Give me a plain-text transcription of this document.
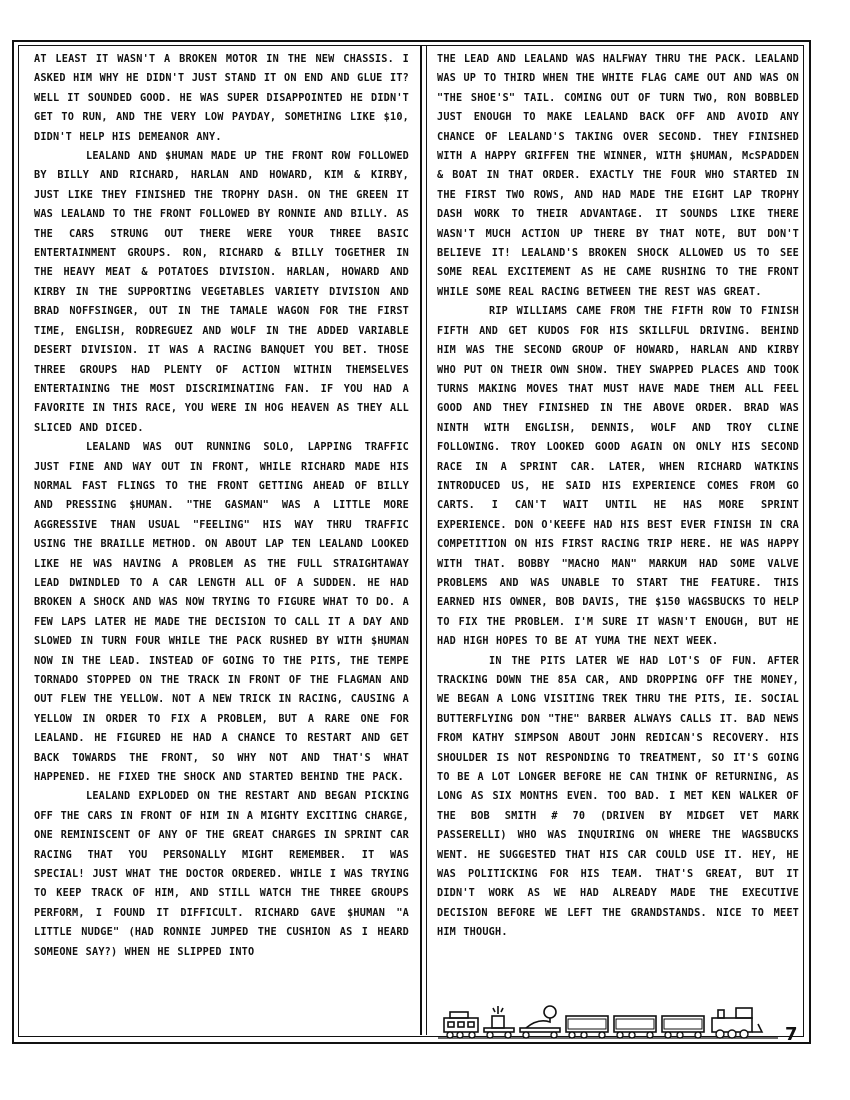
AT LEAST IT WASN'T A BROKEN MOTOR IN THE NEW CHASSIS. I ASKED HIM WHY HE DIDN'T JUST STAND IT ON END AND GLUE IT? WELL IT SOUNDED GOOD. HE WAS SUPER DISAPPOINTED HE DIDN'T GET TO RUN, AND THE VERY LOW PAYDAY, SOMETHING LIKE $10, DIDN'T HELP HIS DEMEANOR ANY.

LEALAND AND $HUMAN MADE UP THE FRONT ROW FOLLOWED BY BILLY AND RICHARD, HARLAN AND HOWARD, KIM & KIRBY, JUST LIKE THEY FINISHED THE TROPHY DASH. ON THE GREEN IT WAS LEALAND TO THE FRONT FOLLOWED BY RONNIE AND BILLY. AS THE CARS STRUNG OUT THERE WERE YOUR THREE BASIC ENTERTAINMENT GROUPS. RON, RICHARD & BILLY TOGETHER IN THE HEAVY MEAT & POTATOES DIVISION. HARLAN, HOWARD AND KIRBY IN THE SUPPORTING VEGETABLES VARIETY DIVISION AND BRAD NOFFSINGER, OUT IN THE TAMALE WAGON FOR THE FIRST TIME, ENGLISH, RODREGUEZ AND WOLF IN THE ADDED VARIABLE DESERT DIVISION. IT WAS A RACING BANQUET YOU BET. THOSE THREE GROUPS HAD PLENTY OF ACTION WITHIN THEMSELVES ENTERTAINING THE MOST DISCRIMINATING FAN. IF YOU HAD A FAVORITE IN THIS RACE, YOU WERE IN HOG HEAVEN AS THEY ALL SLICED AND DICED.

LEALAND WAS OUT RUNNING SOLO, LAPPING TRAFFIC JUST FINE AND WAY OUT IN FRONT, WHILE RICHARD MADE HIS NORMAL FAST FLINGS TO THE FRONT GETTING AHEAD OF BILLY AND PRESSING $HUMAN. "THE GASMAN" WAS A LITTLE MORE AGGRESSIVE THAN USUAL "FEELING" HIS WAY THRU TRAFFIC USING THE BRAILLE METHOD. ON ABOUT LAP TEN LEALAND LOOKED LIKE HE WAS HAVING A PROBLEM AS THE FULL STRAIGHTAWAY LEAD DWINDLED TO A CAR LENGTH ALL OF A SUDDEN. HE HAD BROKEN A SHOCK AND WAS NOW TRYING TO FIGURE WHAT TO DO. A FEW LAPS LATER HE MADE THE DECISION TO CALL IT A DAY AND SLOWED IN TURN FOUR WHILE THE PACK RUSHED BY WITH $HUMAN NOW IN THE LEAD. INSTEAD OF GOING TO THE PITS, THE TEMPE TORNADO STOPPED ON THE TRACK IN FRONT OF THE FLAGMAN AND OUT FLEW THE YELLOW. NOT A NEW TRICK IN RACING, CAUSING A YELLOW IN ORDER TO FIX A PROBLEM, BUT A RARE ONE FOR LEALAND. HE FIGURED HE HAD A CHANCE TO RESTART AND GET BACK TOWARDS THE FRONT, SO WHY NOT AND THAT'S WHAT HAPPENED. HE FIXED THE SHOCK AND STARTED BEHIND THE PACK.

LEALAND EXPLODED ON THE RESTART AND BEGAN PICKING OFF THE CARS IN FRONT OF HIM IN A MIGHTY EXCITING CHARGE, ONE REMINISCENT OF ANY OF THE GREAT CHARGES IN SPRINT CAR RACING THAT YOU PERSONALLY MIGHT REMEMBER. IT WAS SPECIAL! JUST WHAT THE DOCTOR ORDERED. WHILE I WAS TRYING TO KEEP TRACK OF HIM, AND STILL WATCH THE THREE GROUPS PERFORM, I FOUND IT DIFFICULT. RICHARD GAVE $HUMAN "A LITTLE NUDGE" (HAD RONNIE JUMPED THE CUSHION AS I HEARD SOMEONE SAY?) WHEN HE SLIPPED INTO

THE LEAD AND LEALAND WAS HALFWAY THRU THE PACK. LEALAND WAS UP TO THIRD WHEN THE WHITE FLAG CAME OUT AND WAS ON "THE SHOE'S" TAIL. COMING OUT OF TURN TWO, RON BOBBLED JUST ENOUGH TO MAKE LEALAND BACK OFF AND AVOID ANY CHANCE OF LEALAND'S TAKING OVER SECOND. THEY FINISHED WITH A HAPPY GRIFFEN THE WINNER, WITH $HUMAN, McSPADDEN & BOAT IN THAT ORDER. EXACTLY THE FOUR WHO STARTED IN THE FIRST TWO ROWS, AND HAD MADE THE EIGHT LAP TROPHY DASH WORK TO THEIR ADVANTAGE. IT SOUNDS LIKE THERE WASN'T MUCH ACTION UP THERE BY THAT NOTE, BUT DON'T BELIEVE IT! LEALAND'S BROKEN SHOCK ALLOWED US TO SEE SOME REAL EXCITEMENT AS HE CAME RUSHING TO THE FRONT WHILE SOME REAL RACING BETWEEN THE REST WAS GREAT.

RIP WILLIAMS CAME FROM THE FIFTH ROW TO FINISH FIFTH AND GET KUDOS FOR HIS SKILLFUL DRIVING. BEHIND HIM WAS THE SECOND GROUP OF HOWARD, HARLAN AND KIRBY WHO PUT ON THEIR OWN SHOW. THEY SWAPPED PLACES AND TOOK TURNS MAKING MOVES THAT MUST HAVE MADE THEM ALL FEEL GOOD AND THEY FINISHED IN THE ABOVE ORDER. BRAD WAS NINTH WITH ENGLISH, DENNIS, WOLF AND TROY CLINE FOLLOWING. TROY LOOKED GOOD AGAIN ON ONLY HIS SECOND RACE IN A SPRINT CAR. LATER, WHEN RICHARD WATKINS INTRODUCED US, HE SAID HIS EXPERIENCE COMES FROM GO CARTS. I CAN'T WAIT UNTIL HE HAS MORE SPRINT EXPERIENCE. DON O'KEEFE HAD HIS BEST EVER FINISH IN CRA COMPETITION ON HIS FIRST RACING TRIP HERE. HE WAS HAPPY WITH THAT. BOBBY "MACHO MAN" MARKUM HAD SOME VALVE PROBLEMS AND WAS UNABLE TO START THE FEATURE. THIS EARNED HIS OWNER, BOB DAVIS, THE $150 WAGSBUCKS TO HELP TO FIX THE PROBLEM. I'M SURE IT WASN'T ENOUGH, BUT HE HAD HIGH HOPES TO BE AT YUMA THE NEXT WEEK.

IN THE PITS LATER WE HAD LOT'S OF FUN. AFTER TRACKING DOWN THE 85A CAR, AND DROPPING OFF THE MONEY, WE BEGAN A LONG VISITING TREK THRU THE PITS, IE. SOCIAL BUTTERFLYING DON "THE" BARBER ALWAYS CALLS IT. BAD NEWS FROM KATHY SIMPSON ABOUT JOHN REDICAN'S RECOVERY. HIS SHOULDER IS NOT RESPONDING TO TREATMENT, SO IT'S GOING TO BE A LOT LONGER BEFORE HE CAN THINK OF RETURNING, AS LONG AS SIX MONTHS EVEN. TOO BAD. I MET KEN WALKER OF THE BOB SMITH # 70 (DRIVEN BY MIDGET VET MARK PASSERELLI) WHO WAS INQUIRING ON WHERE THE WAGSBUCKS WENT. HE SUGGESTED THAT HIS CAR COULD USE IT. HEY, HE WAS POLITICKING FOR HIS TEAM. THAT'S GREAT, BUT IT DIDN'T WORK AS WE HAD ALREADY MADE THE EXECUTIVE DECISION BEFORE WE LEFT THE GRANDSTANDS. NICE TO MEET HIM THOUGH.

7
